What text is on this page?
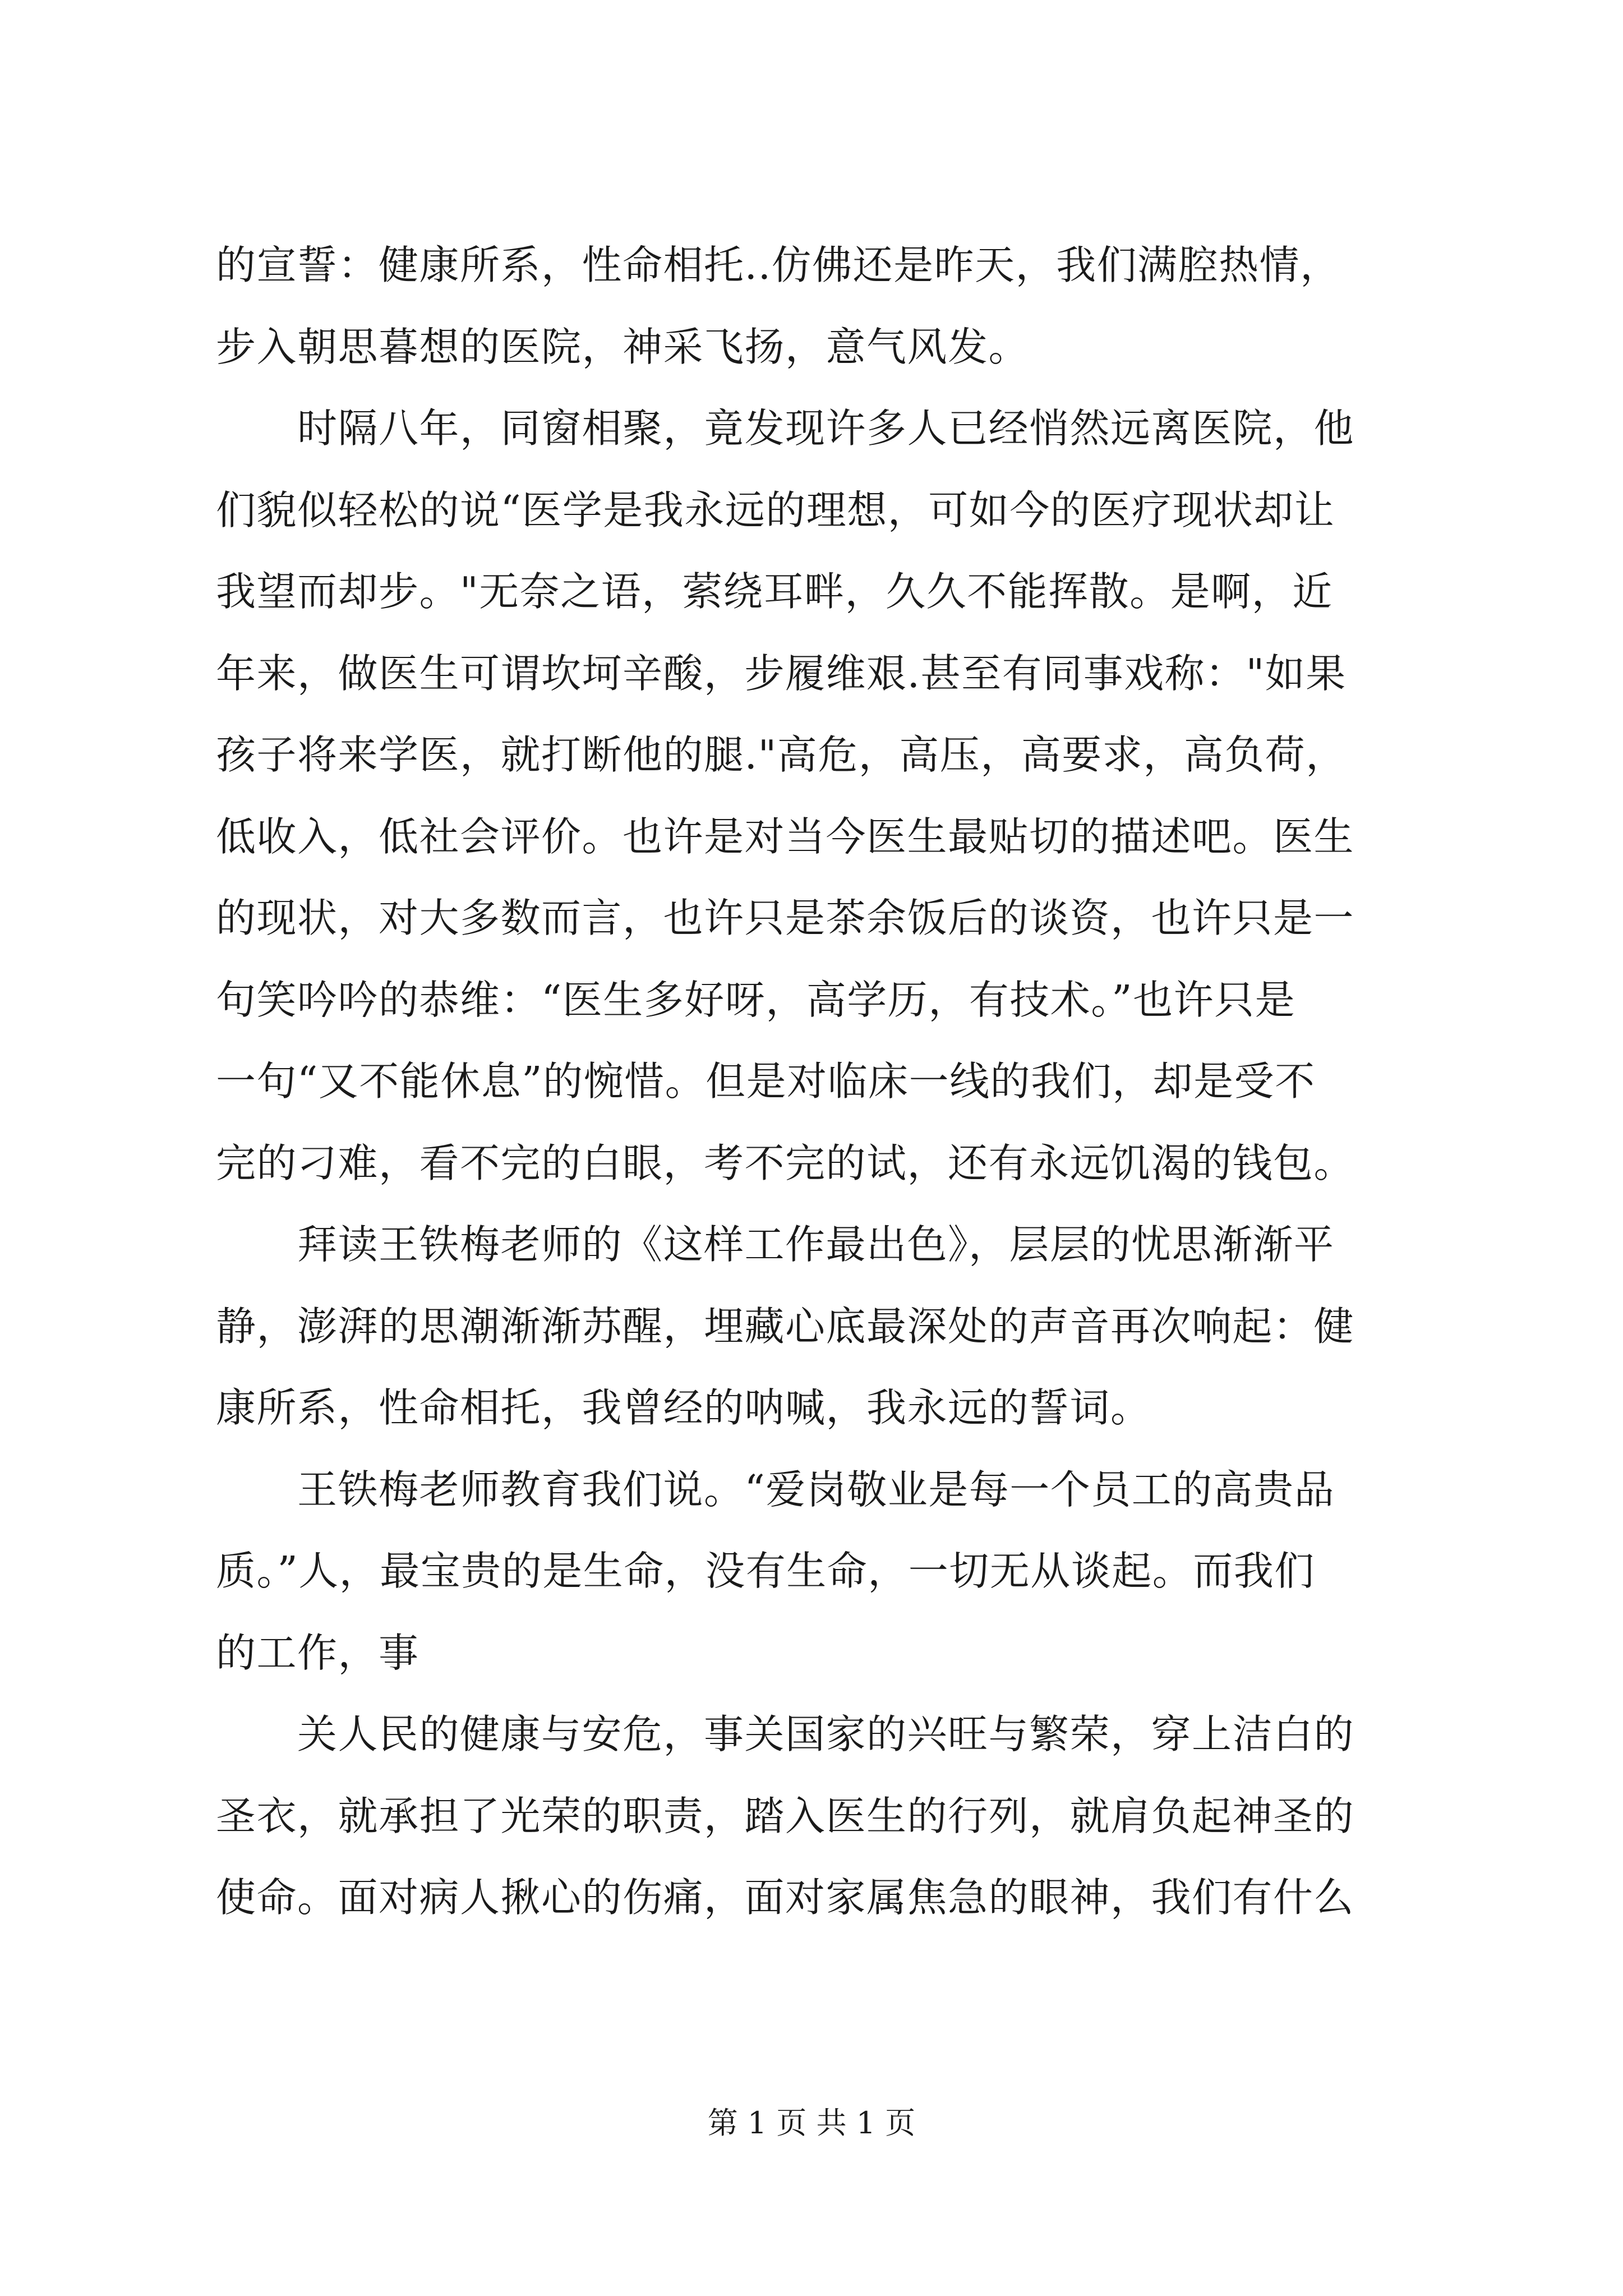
的宣誓：健康所系，性命相托..仿佛还是昨天，我们满腔热情，
步入朝思暮想的医院，神采飞扬，意气风发。
　　时隔八年，同窗相聚，竟发现许多人已经悄然远离医院，他
们貌似轻松的说“医学是我永远的理想，可如今的医疗现状却让
我望而却步。"无奈之语，萦绕耳畔，久久不能挥散。是啊，近
年来，做医生可谓坎坷辛酸，步履维艰.甚至有同事戏称："如果
孩子将来学医，就打断他的腿."高危，高压，高要求，高负荷，
低收入，低社会评价。也许是对当今医生最贴切的描述吧。医生
的现状，对大多数而言，也许只是茶余饭后的谈资，也许只是一
句笑吟吟的恭维：“医生多好呀，高学历，有技术。”也许只是
一句“又不能休息”的惋惜。但是对临床一线的我们，却是受不
完的刁难，看不完的白眼，考不完的试，还有永远饥渴的钱包。
　　拜读王铁梅老师的《这样工作最出色》，层层的忧思渐渐平
静，澎湃的思潮渐渐苏醒，埋藏心底最深处的声音再次响起：健
康所系，性命相托，我曾经的呐喊，我永远的誓词。
　　王铁梅老师教育我们说。“爱岗敬业是每一个员工的高贵品
质。”人，最宝贵的是生命，没有生命，一切无从谈起。而我们
的工作，事
　　关人民的健康与安危，事关国家的兴旺与繁荣，穿上洁白的
圣衣，就承担了光荣的职责，踏入医生的行列，就肩负起神圣的
使命。面对病人揪心的伤痛，面对家属焦急的眼神，我们有什么
第 1 页 共 1 页
